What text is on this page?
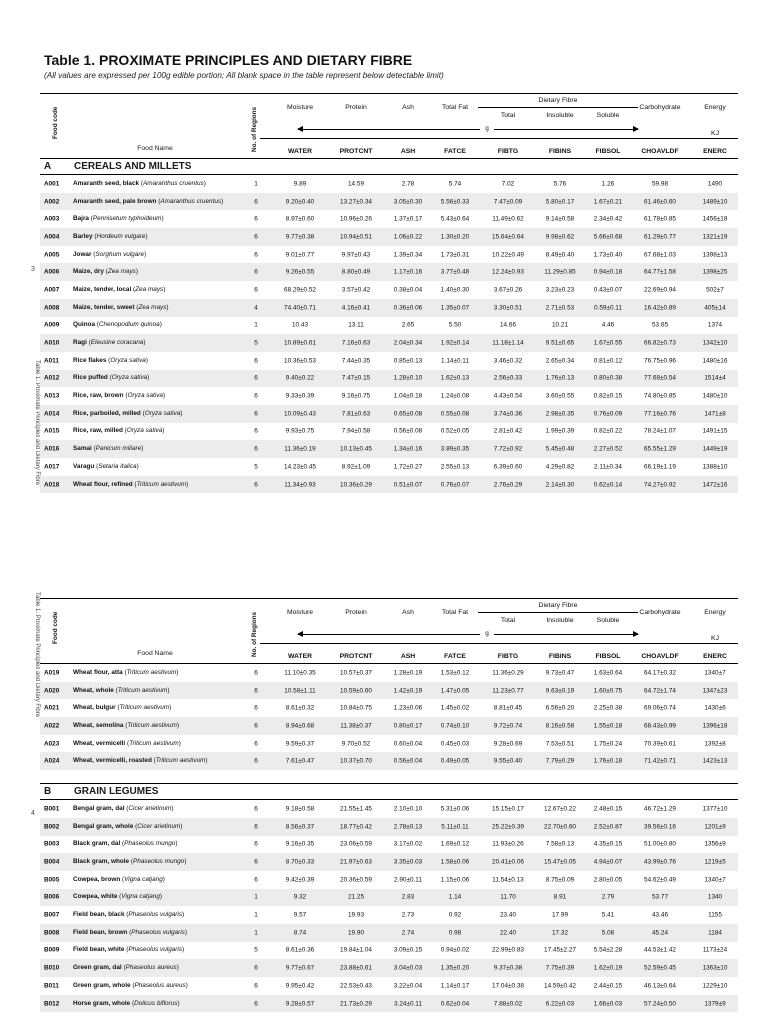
3
Table 1. Proximate Principles and Dietary Fibre
Table 1. Proximate Principles and Dietary Fibre
4
Table 1. PROXIMATE PRINCIPLES AND DIETARY FIBRE
(All values are expressed per 100g edible portion; All blank space in the table represent below detectable limit)
Food code	No. of Regions	Moisture	Protein	Ash	Total Fat
Dietary Fibre
Total	Insoluble	Soluble
Carbohydrate	Energy
g
KJ
Food Name	WATER	PROTCNT	ASH	FATCE	FIBTG	FIBINS	FIBSOL	CHOAVLDF	ENERC
A CEREALS AND MILLETS
A001 Amaranth seed, black (Amaranthus cruentus)	1	9.89	14.59	2.78	5.74	7.02	5.76	1.26	59.98	1490
A002 Amaranth seed, pale brown (Amaranthus cruentus)	6	9.20±0.40	13.27±0.34	3.05±0.30	5.56±0.33	7.47±0.09	5.80±0.17	1.67±0.21	61.46±0.60	1489±10
A003 Bajra (Pennisetum typhoideum)	6	8.97±0.60	10.96±0.26	1.37±0.17	5.43±0.64	11.49±0.62	9.14±0.58	2.34±0.42	61.78±0.85	1456±18
A004 Barley (Hordeum vulgare)	6	9.77±0.38	10.94±0.51	1.06±0.22	1.30±0.20	15.64±0.64	9.98±0.62	5.66±0.68	61.29±0.77	1321±19
A005 Jowar (Sorghum vulgare)	6	9.01±0.77	9.97±0.43	1.39±0.34	1.73±0.31	10.22±0.49	8.49±0.40	1.73±0.40	67.68±1.03	1398±13
A006 Maize, dry (Zea mays)	6	9.26±0.55	8.80±0.49	1.17±0.16	3.77±0.48	12.24±0.93	11.29±0.85	0.94±0.18	64.77±1.58	1398±25
A007 Maize, tender, local (Zea mays)	6	68.29±0.52	3.57±0.42	0.38±0.04	1.40±0.30	3.67±0.26	3.23±0.23	0.43±0.07	22.69±0.94	502±7
A008 Maize, tender, sweet (Zea mays)	4	74.40±0.71	4.16±0.41	0.36±0.06	1.35±0.07	3.30±0.51	2.71±0.53	0.59±0.11	16.42±0.89	405±14
A009 Quinoa (Chenopodium quinoa)	1	10.43	13.11	2.65	5.50	14.66	10.21	4.46	53.65	1374
A010 Ragi (Eleusine coracana)	5	10.89±0.61	7.16±0.63	2.04±0.34	1.92±0.14	11.18±1.14	9.51±0.65	1.67±0.55	66.82±0.73	1342±10
A011 Rice flakes (Oryza sativa)	6	10.36±0.53	7.44±0.35	0.85±0.13	1.14±0.11	3.46±0.32	2.65±0.34	0.81±0.12	76.75±0.96	1480±16
A012 Rice puffed (Oryza sativa)	6	9.40±0.22	7.47±0.15	1.28±0.10	1.62±0.13	2.56±0.33	1.76±0.13	0.80±0.38	77.68±0.54	1514±4
A013 Rice, raw, brown (Oryza sativa)	6	9.33±0.39	9.16±0.75	1.04±0.18	1.24±0.08	4.43±0.54	3.60±0.55	0.82±0.15	74.80±0.85	1480±10
A014 Rice, parboiled, milled (Oryza sativa)	6	10.09±0.43	7.81±0.63	0.65±0.08	0.55±0.08	3.74±0.36	2.98±0.35	0.76±0.09	77.16±0.76	1471±8
A015 Rice, raw, milled (Oryza sativa)	6	9.93±0.75	7.94±0.58	0.56±0.08	0.52±0.05	2.81±0.42	1.99±0.39	0.82±0.22	78.24±1.07	1491±15
A016 Samai (Panicum miliare)	6	11.36±0.19	10.13±0.45	1.34±0.16	3.89±0.35	7.72±0.92	5.45±0.48	2.27±0.52	65.55±1.29	1449±19
A017 Varagu (Setaria italica)	5	14.23±0.45	8.92±1.09	1.72±0.27	2.55±0.13	6.39±0.60	4.29±0.82	2.11±0.34	66.19±1.19	1388±10
A018 Wheat flour, refined (Triticum aestivum)	6	11.34±0.93	10.36±0.29	0.51±0.07	0.76±0.07	2.76±0.29	2.14±0.30	0.62±0.14	74.27±0.92	1472±16
Food code	No. of Regions	Moisture	Protein	Ash	Total Fat
Dietary Fibre
Total	Insoluble	Soluble
Carbohydrate	Energy
g
KJ
Food Name	WATER	PROTCNT	ASH	FATCE	FIBTG	FIBINS	FIBSOL	CHOAVLDF	ENERC
A019 Wheat flour, atta (Triticum aestivum)	6	11.10±0.35	10.57±0.37	1.28±0.19	1.53±0.12	11.36±0.29	9.73±0.47	1.63±0.64	64.17±0.32	1340±7
A020 Wheat, whole (Triticum aestivum)	6	10.58±1.11	10.59±0.60	1.42±0.19	1.47±0.05	11.23±0.77	9.63±0.19	1.60±0.75	64.72±1.74	1347±23
A021 Wheat, bulgur (Triticum aestivum)	6	8.61±0.32	10.84±0.75	1.23±0.06	1.45±0.02	8.81±0.45	6.56±0.20	2.25±0.38	69.06±0.74	1430±6
A022 Wheat, semolina (Triticum aestivum)	6	8.94±0.68	11.38±0.37	0.80±0.17	0.74±0.10	9.72±0.74	8.16±0.58	1.55±0.18	68.43±0.99	1396±18
A023 Wheat, vermicelli (Triticum aestivum)	6	9.59±0.37	9.70±0.52	0.60±0.04	0.45±0.03	9.28±0.69	7.53±0.51	1.75±0.24	70.39±0.61	1392±8
A024 Wheat, vermicelli, roasted (Triticum aestivum)	6	7.61±0.47	10.37±0.70	0.56±0.04	0.49±0.05	9.55±0.40	7.79±0.29	1.76±0.18	71.42±0.71	1423±13
B GRAIN LEGUMES
B001 Bengal gram, dal (Cicer arietinum)	6	9.18±0.58	21.55±1.45	2.10±0.10	5.31±0.06	15.15±0.17	12.67±0.22	2.48±0.15	46.72±1.29	1377±10
B002 Bengal gram, whole (Cicer arietinum)	6	8.56±0.37	18.77±0.42	2.78±0.13	5.11±0.11	25.22±0.39	22.70±0.60	2.52±0.87	39.56±0.16	1201±9
B003 Black gram, dal (Phaseolus mungo)	6	9.16±0.35	23.06±0.59	3.17±0.02	1.69±0.12	11.93±0.26	7.58±0.13	4.35±0.15	51.00±0.80	1356±9
B004 Black gram, whole (Phaseolus mungo)	6	8.70±0.33	21.97±0.63	3.35±0.03	1.58±0.06	20.41±0.06	15.47±0.05	4.94±0.07	43.99±0.76	1219±5
B005 Cowpea, brown (Vigna catjang)	6	9.42±0.39	20.36±0.59	2.90±0.11	1.15±0.06	11.54±0.13	8.75±0.09	2.80±0.05	54.62±0.49	1340±7
B006 Cowpea, white (Vigna catjang)	1	9.32	21.25	2.83	1.14	11.70	8.91	2.79	53.77	1340
B007 Field bean, black (Phaseolus vulgaris)	1	9.57	19.93	2.73	0.92	23.40	17.99	5.41	43.46	1155
B008 Field bean, brown (Phaseolus vulgaris)	1	8.74	19.90	2.74	0.98	22.40	17.32	5.08	45.24	1184
B009 Field bean, white (Phaseolus vulgaris)	5	8.61±0.36	19.84±1.04	3.09±0.15	0.94±0.02	22.99±0.83	17.45±2.27	5.54±2.28	44.53±1.42	1173±24
B010 Green gram, dal (Phaseolus aureus)	6	9.77±0.67	23.88±0.61	3.04±0.03	1.35±0.20	9.37±0.38	7.75±0.39	1.62±0.19	52.59±0.45	1363±10
B011 Green gram, whole (Phaseolus aureus)	6	9.95±0.42	22.53±0.43	3.22±0.04	1.14±0.17	17.04±0.38	14.59±0.42	2.44±0.15	46.13±0.64	1229±10
B012 Horse gram, whole (Dolicus biflorus)	6	9.28±0.57	21.73±0.29	3.24±0.11	0.62±0.04	7.88±0.02	6.22±0.03	1.66±0.03	57.24±0.50	1379±9
